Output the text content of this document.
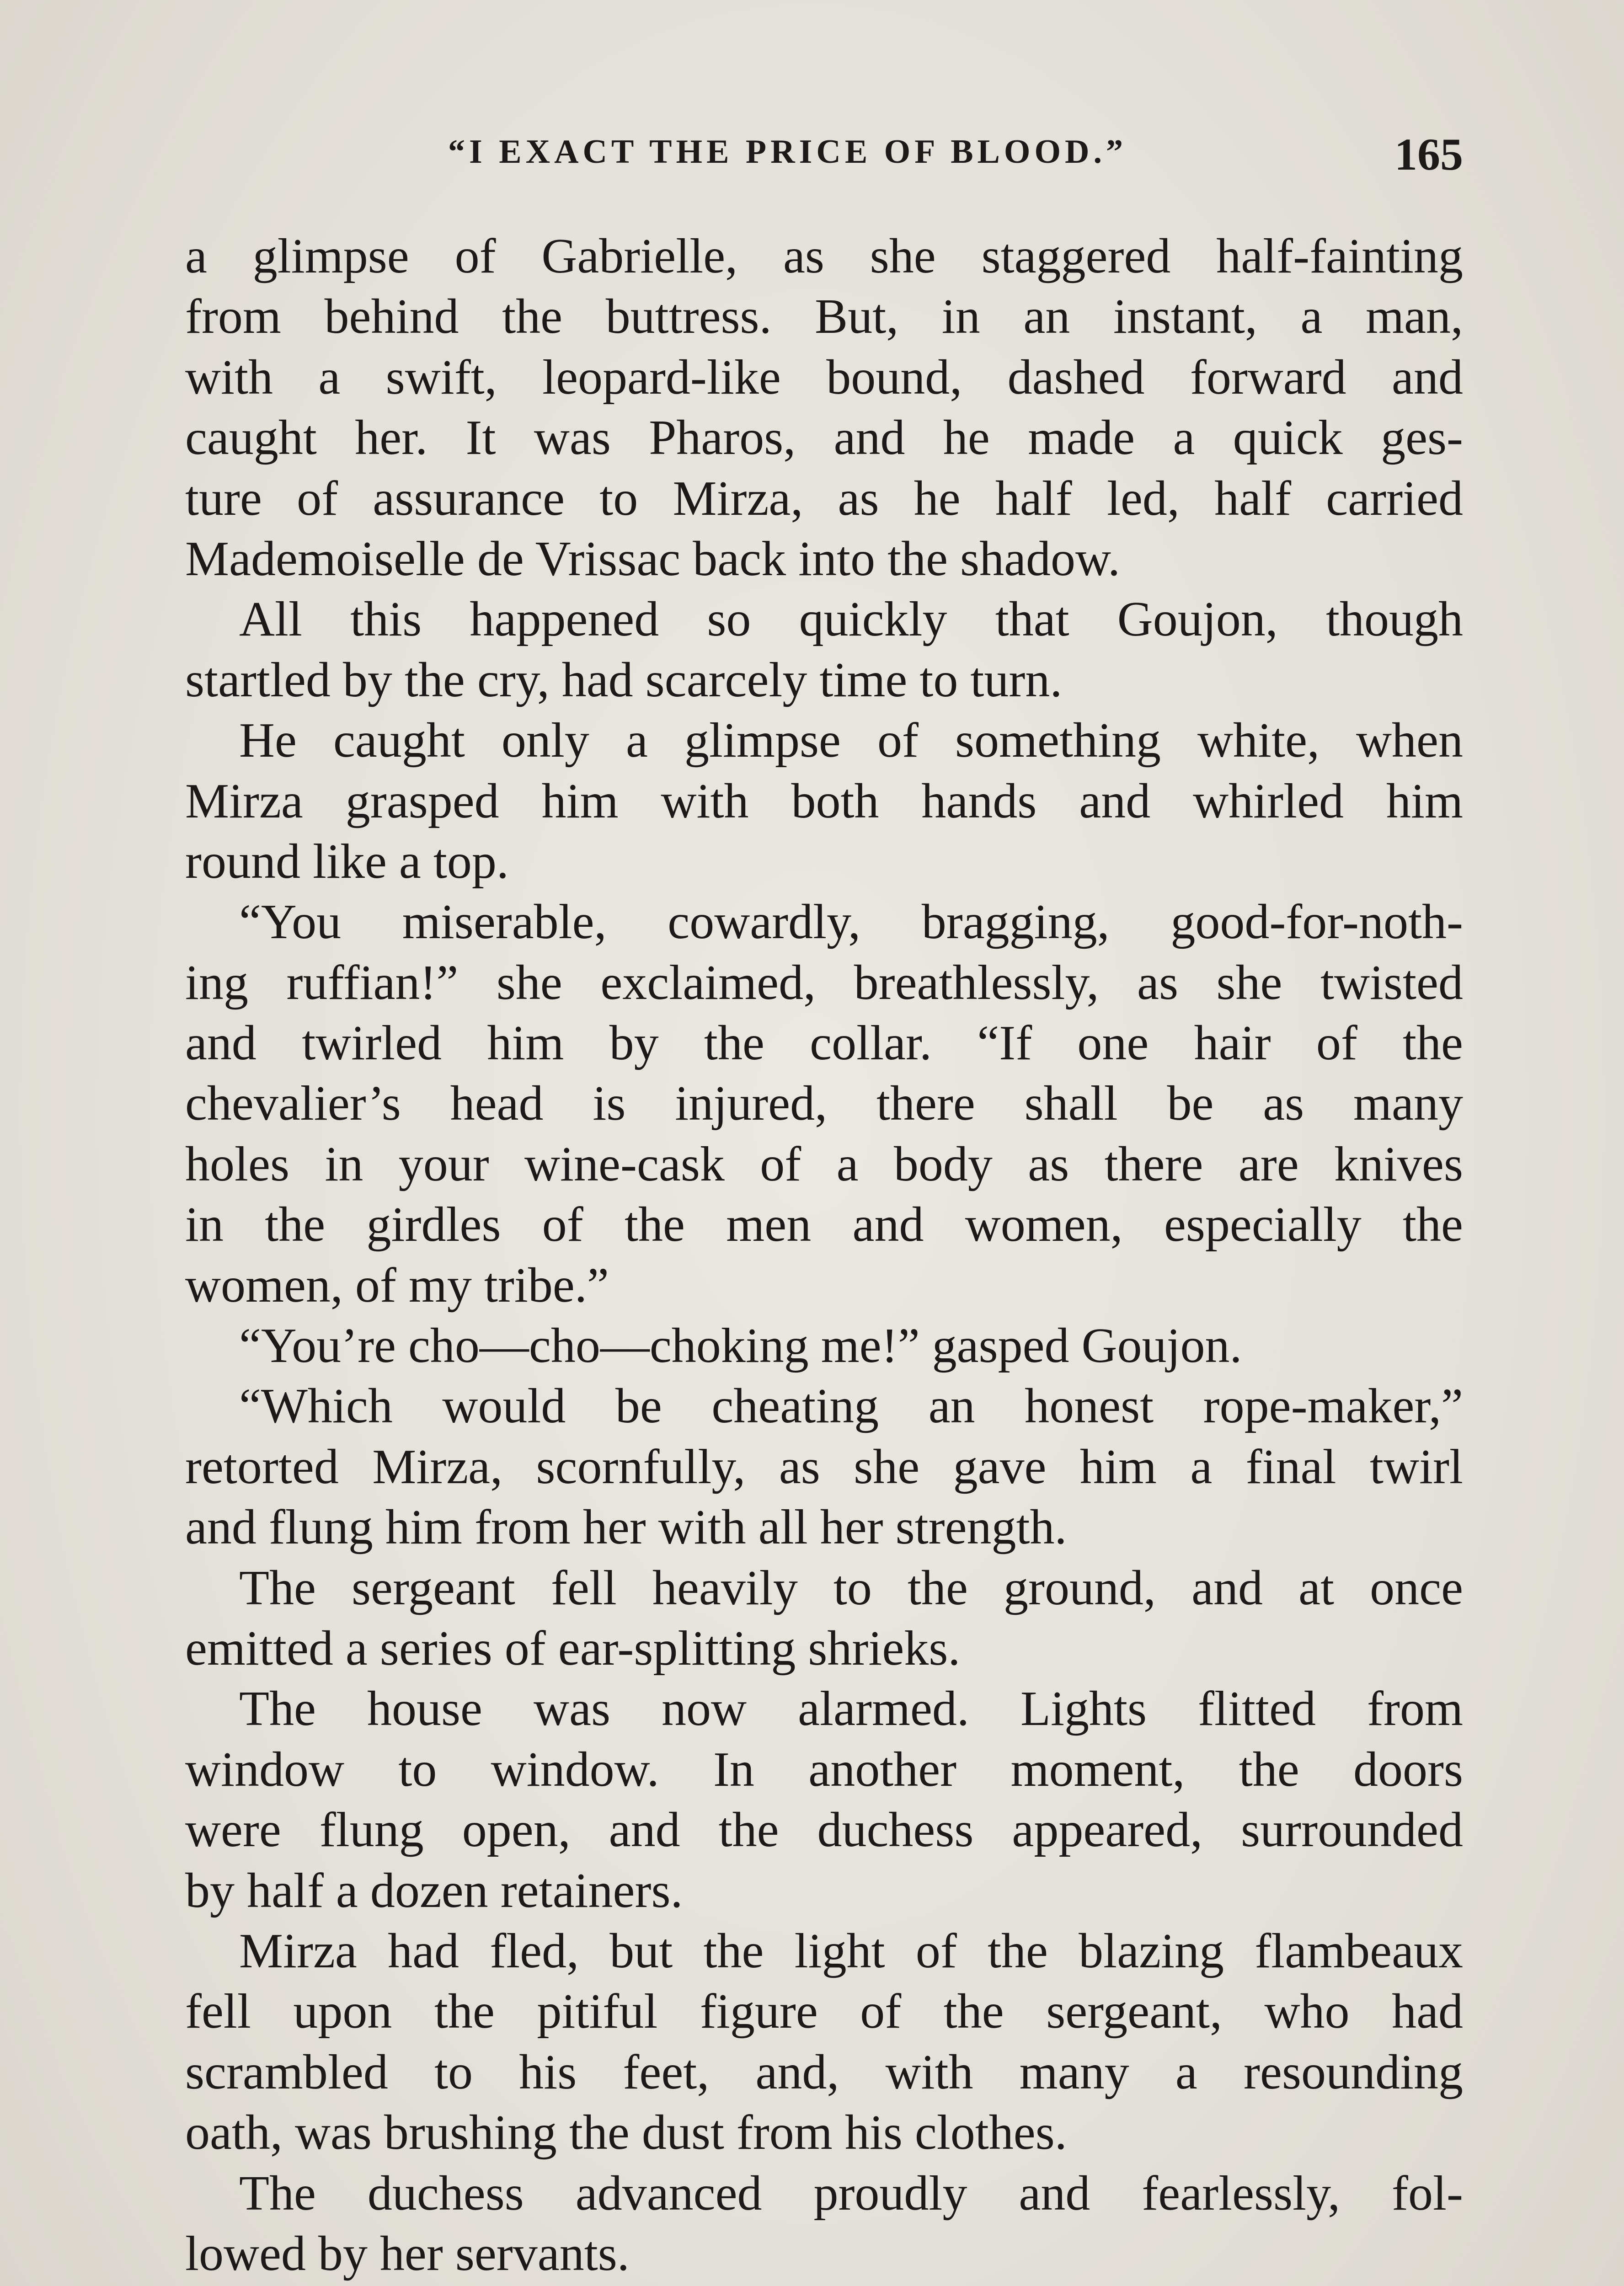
“I EXACT THE PRICE OF BLOOD.”	165
a glimpse of Gabrielle, as she staggered half-fainting
from behind the buttress. But, in an instant, a man,
with a swift, leopard-like bound, dashed forward and
caught her. It was Pharos, and he made a quick ges-
ture of assurance to Mirza, as he half led, half carried
Mademoiselle de Vrissac back into the shadow.
All this happened so quickly that Goujon, though
startled by the cry, had scarcely time to turn.
He caught only a glimpse of something white, when
Mirza grasped him with both hands and whirled him
round like a top.
“You miserable, cowardly, bragging, good-for-noth-
ing ruffian!” she exclaimed, breathlessly, as she twisted
and twirled him by the collar. “If one hair of the
chevalier’s head is injured, there shall be as many
holes in your wine-cask of a body as there are knives
in the girdles of the men and women, especially the
women, of my tribe.”
“You’re cho—cho—choking me!” gasped Goujon.
“Which would be cheating an honest rope-maker,”
retorted Mirza, scornfully, as she gave him a final twirl
and flung him from her with all her strength.
The sergeant fell heavily to the ground, and at once
emitted a series of ear-splitting shrieks.
The house was now alarmed. Lights flitted from
window to window. In another moment, the doors
were flung open, and the duchess appeared, surrounded
by half a dozen retainers.
Mirza had fled, but the light of the blazing flambeaux
fell upon the pitiful figure of the sergeant, who had
scrambled to his feet, and, with many a resounding
oath, was brushing the dust from his clothes.
The duchess advanced proudly and fearlessly, fol-
lowed by her servants.
